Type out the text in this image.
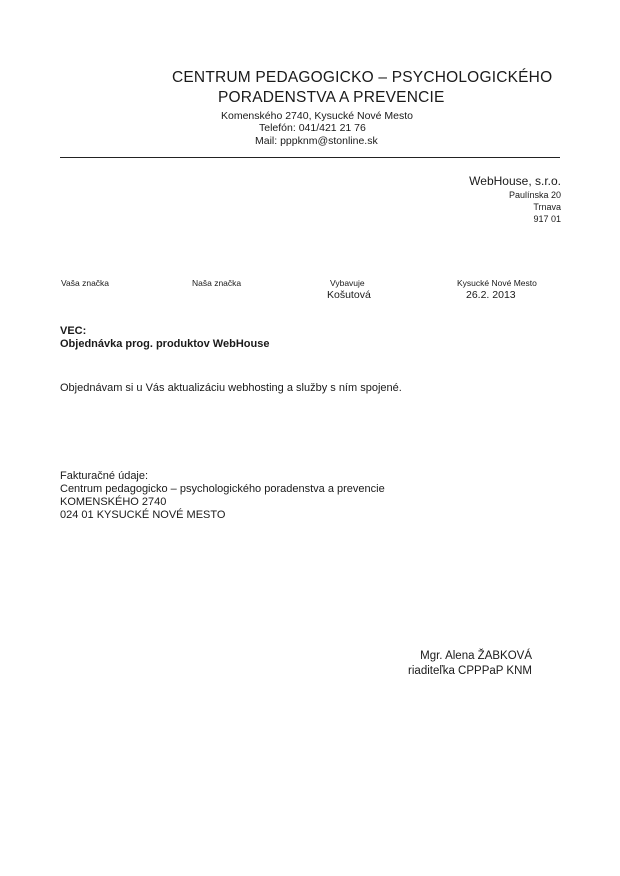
CENTRUM PEDAGOGICKO – PSYCHOLOGICKÉHO
PORADENSTVA A PREVENCIE
Komenského 2740, Kysucké Nové Mesto
Telefón: 041/421 21 76
Mail: pppknm@stonline.sk
WebHouse, s.r.o.
Paulínska 20
Trnava
917 01
Vaša značka	Naša značka	Vybavuje
Košutová
Kysucké Nové Mesto
26.2. 2013
VEC:
Objednávka prog. produktov WebHouse
Objednávam si u Vás aktualizáciu webhosting a služby s ním spojené.
Fakturačné údaje:
Centrum pedagogicko – psychologického poradenstva a prevencie
KOMENSKÉHO 2740
024 01 KYSUCKÉ NOVÉ MESTO
Mgr. Alena ŽABKOVÁ
riaditeľka CPPPaP KNM
